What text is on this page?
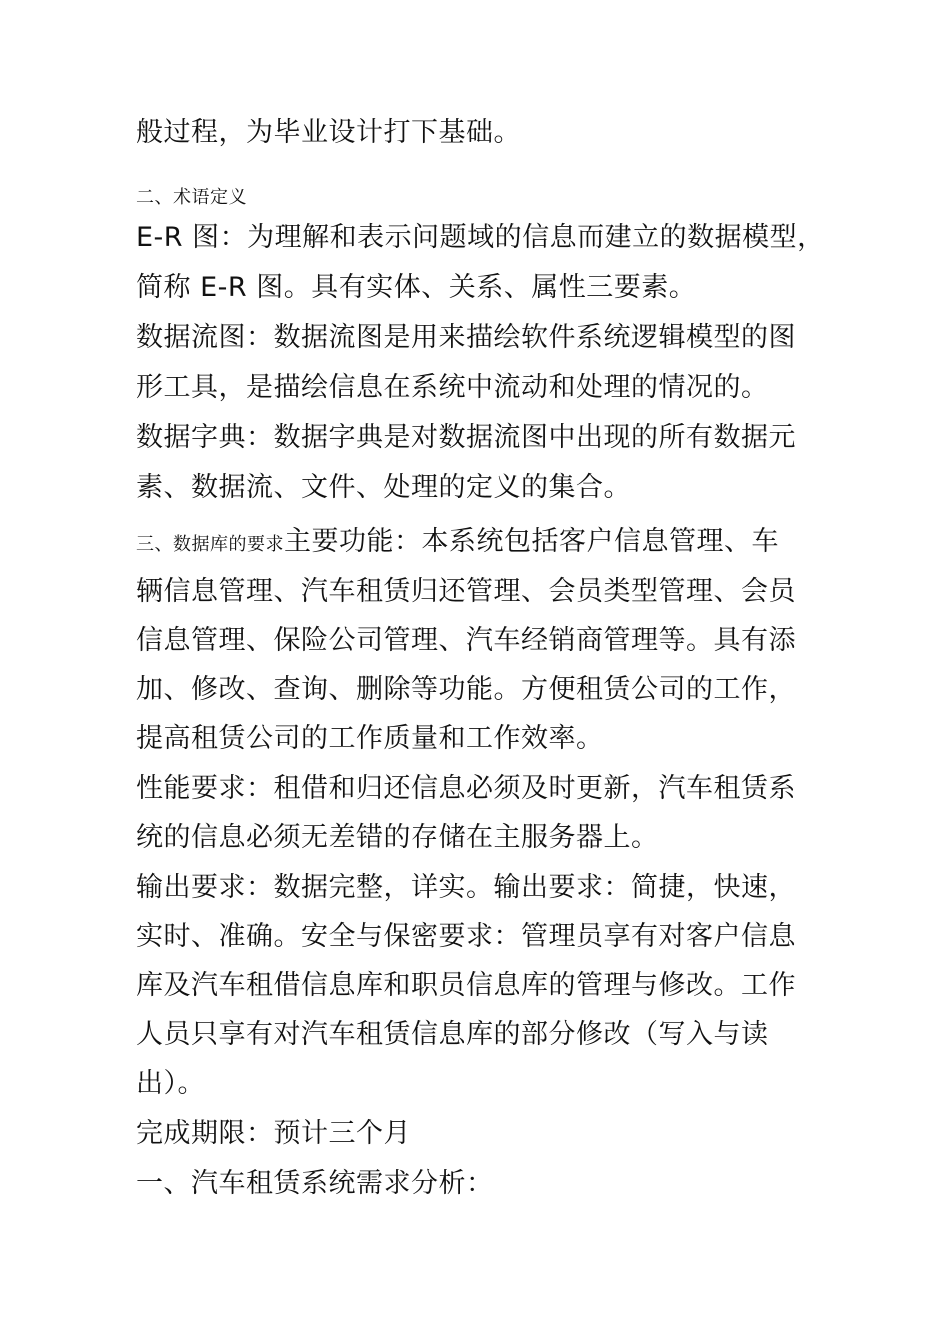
般过程，为毕业设计打下基础。
二、术语定义
E-R 图：为理解和表示问题域的信息而建立的数据模型，
简称 E-R 图。具有实体、关系、属性三要素。
数据流图：数据流图是用来描绘软件系统逻辑模型的图
形工具，是描绘信息在系统中流动和处理的情况的。
数据字典：数据字典是对数据流图中出现的所有数据元
素、数据流、文件、处理的定义的集合。
三、数据库的要求主要功能：本系统包括客户信息管理、车
辆信息管理、汽车租赁归还管理、会员类型管理、会员
信息管理、保险公司管理、汽车经销商管理等。具有添
加、修改、查询、删除等功能。方便租赁公司的工作，
提高租赁公司的工作质量和工作效率。
性能要求：租借和归还信息必须及时更新，汽车租赁系
统的信息必须无差错的存储在主服务器上。
输出要求：数据完整，详实。输出要求：简捷，快速，
实时、准确。安全与保密要求：管理员享有对客户信息
库及汽车租借信息库和职员信息库的管理与修改。工作
人员只享有对汽车租赁信息库的部分修改（写入与读
出）。
完成期限：预计三个月
一、汽车租赁系统需求分析：
